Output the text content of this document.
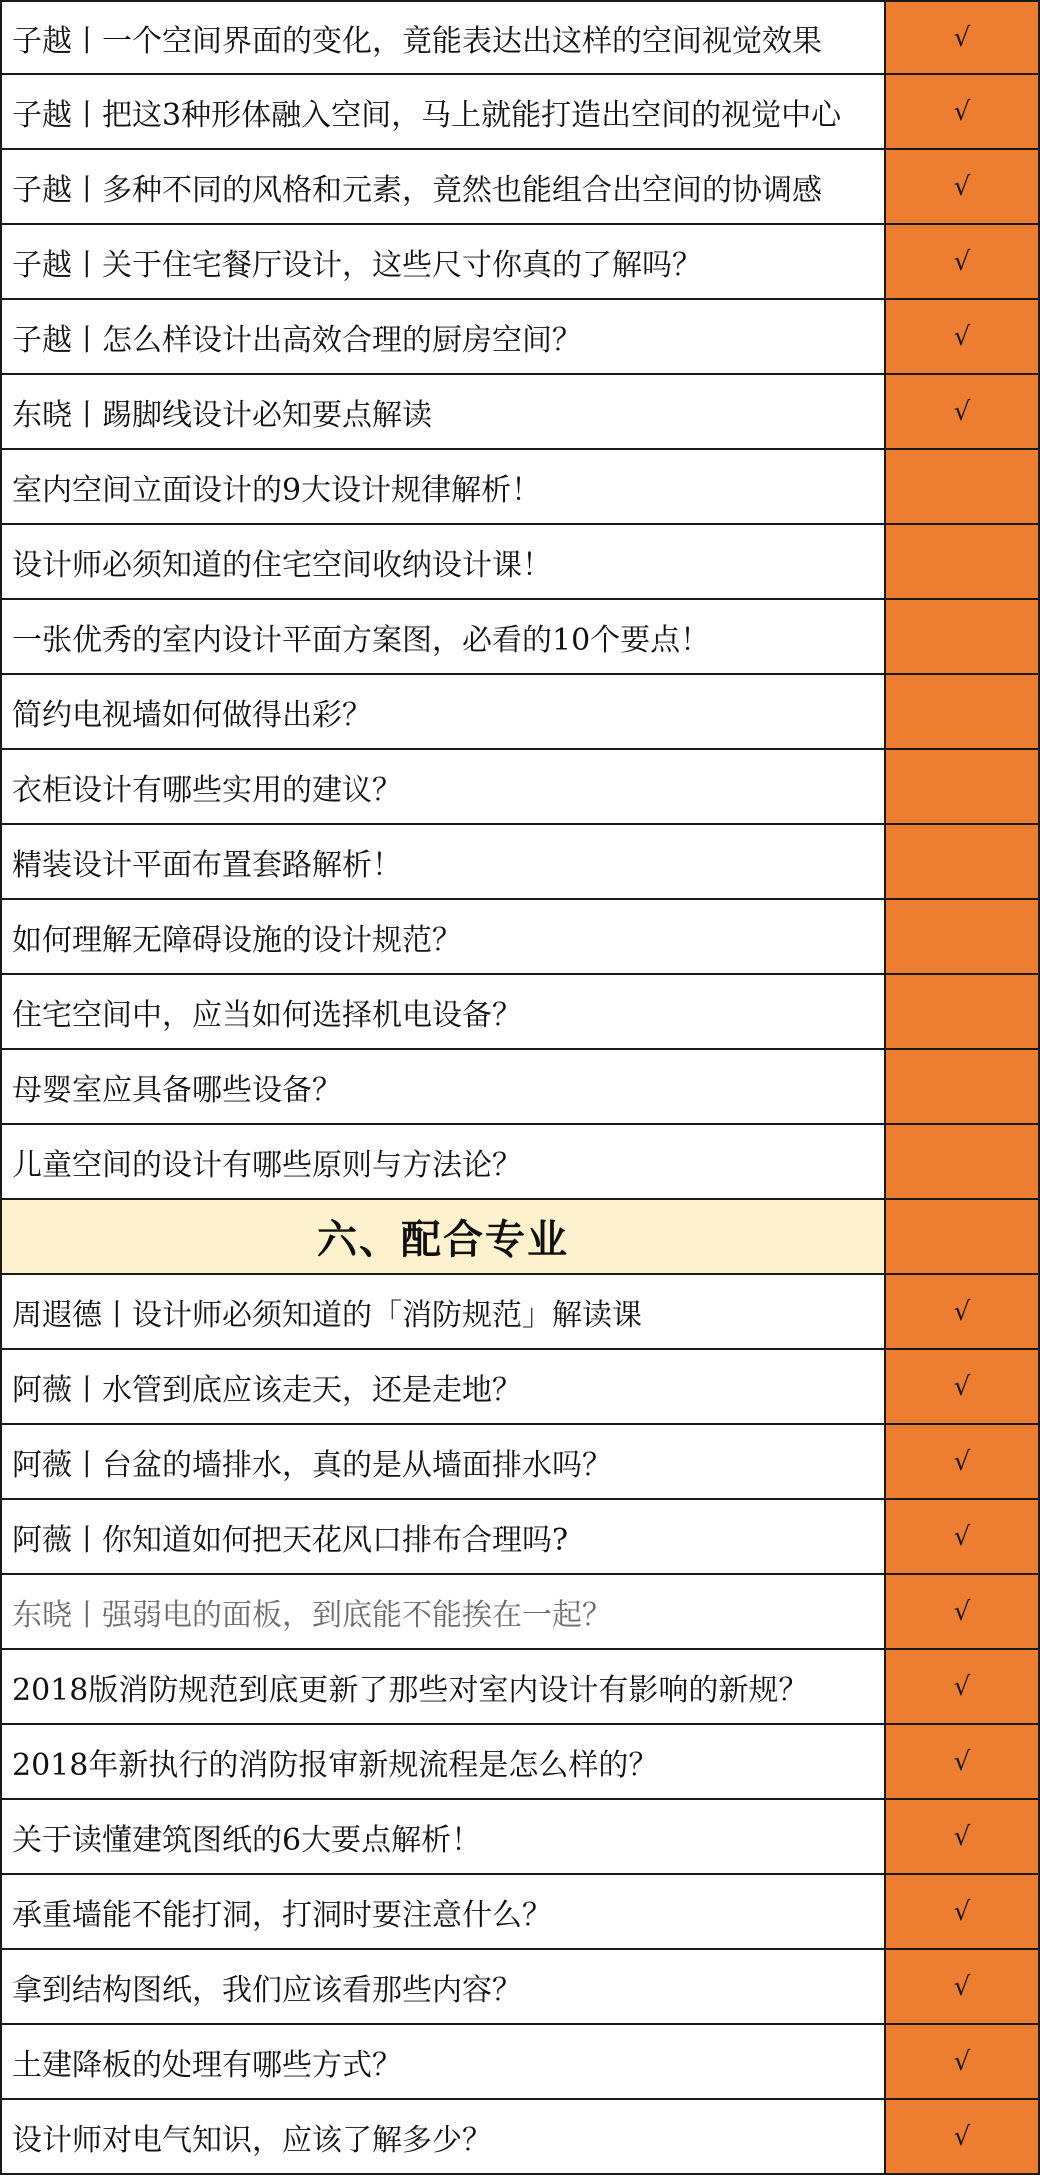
子越丨一个空间界面的变化，竟能表达出这样的空间视觉效果	√
子越丨把这3种形体融入空间，马上就能打造出空间的视觉中心	√
子越丨多种不同的风格和元素，竟然也能组合出空间的协调感	√
子越丨关于住宅餐厅设计，这些尺寸你真的了解吗？	√
子越丨怎么样设计出高效合理的厨房空间？	√
东晓丨踢脚线设计必知要点解读	√
室内空间立面设计的9大设计规律解析！
设计师必须知道的住宅空间收纳设计课！
一张优秀的室内设计平面方案图，必看的10个要点！
简约电视墙如何做得出彩？
衣柜设计有哪些实用的建议？
精装设计平面布置套路解析！
如何理解无障碍设施的设计规范？
住宅空间中，应当如何选择机电设备？
母婴室应具备哪些设备？
儿童空间的设计有哪些原则与方法论？
六、配合专业
周遐德丨设计师必须知道的「消防规范」解读课	√
阿薇丨水管到底应该走天，还是走地？	√
阿薇丨台盆的墙排水，真的是从墙面排水吗？	√
阿薇丨你知道如何把天花风口排布合理吗?	√
东晓丨强弱电的面板，到底能不能挨在一起？	√
2018版消防规范到底更新了那些对室内设计有影响的新规？	√
2018年新执行的消防报审新规流程是怎么样的？	√
关于读懂建筑图纸的6大要点解析！	√
承重墙能不能打洞，打洞时要注意什么？	√
拿到结构图纸，我们应该看那些内容？	√
土建降板的处理有哪些方式？	√
设计师对电气知识，应该了解多少？	√
